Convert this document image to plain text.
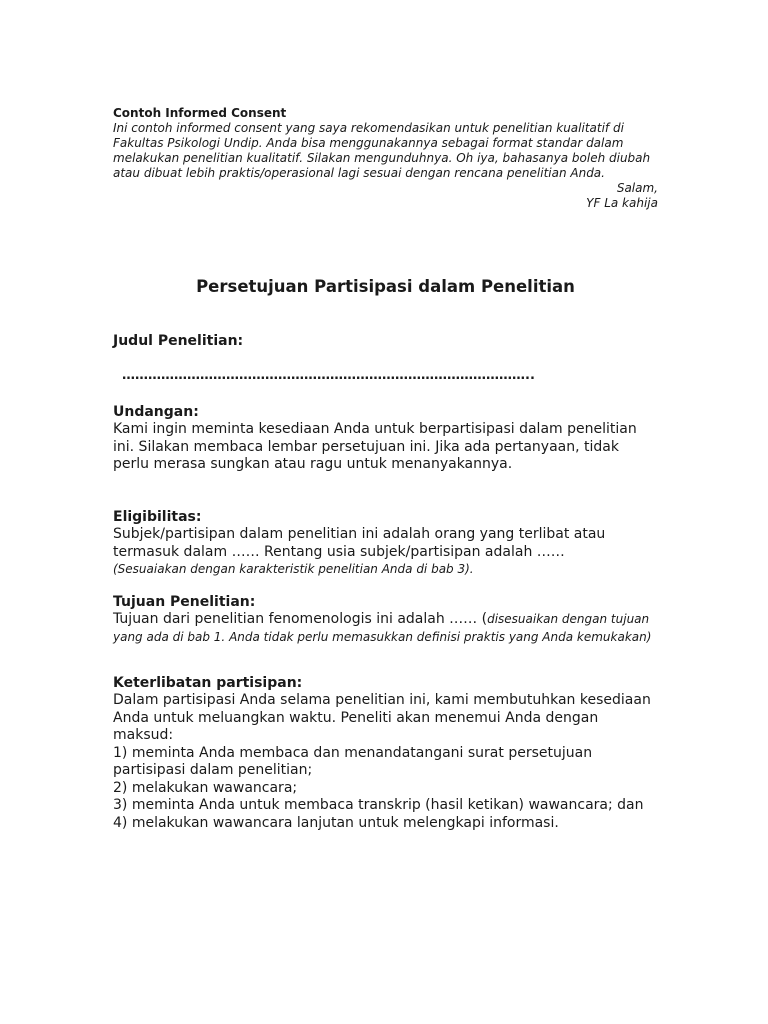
Contoh Informed Consent
Ini contoh informed consent yang saya rekomendasikan untuk penelitian kualitatif di Fakultas Psikologi Undip. Anda bisa menggunakannya sebagai format standar dalam melakukan penelitian kualitatif. Silakan mengunduhnya. Oh iya, bahasanya boleh diubah atau dibuat lebih praktis/operasional lagi sesuai dengan rencana penelitian Anda.
Salam,
YF La kahija
Persetujuan Partisipasi dalam Penelitian
Judul Penelitian:
…………………………………………………………………………………..
Undangan:

Kami ingin meminta kesediaan Anda untuk berpartisipasi dalam penelitian ini. Silakan membaca lembar persetujuan ini. Jika ada pertanyaan, tidak perlu merasa sungkan atau ragu untuk menanyakannya.

Eligibilitas:

Subjek/partisipan dalam penelitian ini adalah orang yang terlibat atau termasuk dalam …… Rentang usia subjek/partisipan adalah ……

(Sesuaiakan dengan karakteristik penelitian Anda di bab 3).

Tujuan Penelitian:

Tujuan dari penelitian fenomenologis ini adalah …… (disesuaikan dengan tujuan yang ada di bab 1. Anda tidak perlu memasukkan definisi praktis yang Anda kemukakan)

Keterlibatan partisipan:

Dalam partisipasi Anda selama penelitian ini, kami membutuhkan kesediaan Anda untuk meluangkan waktu. Peneliti akan menemui Anda dengan maksud:

1) meminta Anda membaca dan menandatangani surat persetujuan partisipasi dalam penelitian;
2) melakukan wawancara;
3) meminta Anda untuk membaca transkrip (hasil ketikan) wawancara; dan
4) melakukan wawancara lanjutan untuk melengkapi informasi.
